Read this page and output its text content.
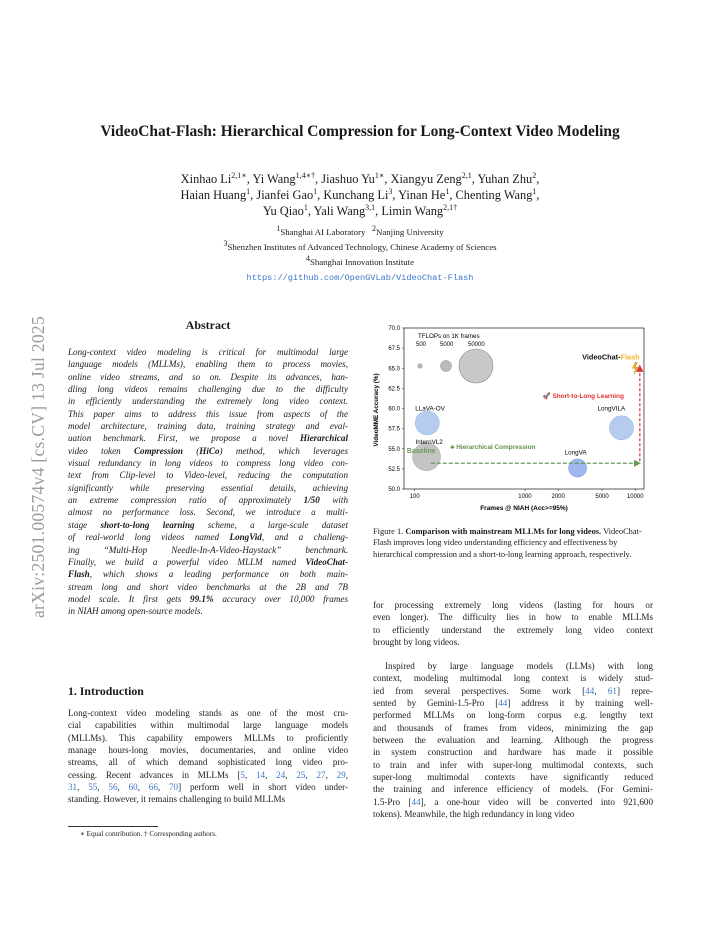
arXiv:2501.00574v4 [cs.CV] 13 Jul 2025
VideoChat-Flash: Hierarchical Compression for Long-Context Video Modeling
Xinhao $Li^{2,1∗}$, Yi Wang$^{1,4∗\dagger}$, Jiashuo $Yu^{1∗}$, Xiangyu Zeng$^{2,1}$, Yuhan Zhu$^2$,
Haian Huang$^1$, Jianfei Gao$^1$, Kunchang Li$^3$, Yinan He$^1$, Chenting Wang$^1$,
Yu Qiao$^1$, Yali Wang$^{3,1}$, Limin Wang$^{2,1\dagger}$
$^1$Shanghai AI Laboratory $^2$Nanjing University
$^3$Shenzhen Institutes of Advanced Technology, Chinese Academy of Sciences
$^4$Shanghai Innovation Institute
https://github.com/OpenGVLab/VideoChat-Flash
Abstract
Long-context video modeling is critical for multimodal large
language models (MLLMs), enabling them to process movies,
online video streams, and so on. Despite its advances, han-
dling long videos remains challenging due to the difficulty
in efficiently understanding the extremely long video context.
This paper aims to address this issue from aspects of the
model architecture, training data, training strategy and eval-
uation benchmark. First, we propose a novel Hierarchical
video token Compression (HiCo) method, which leverages
visual redundancy in long videos to compress long video con-
text from Clip-level to Video-level, reducing the computation
significantly while preserving essential details, achieving
an extreme compression ratio of approximately 1/50 with
almost no performance loss. Second, we introduce a multi-
stage short-to-long learning scheme, a large-scale dataset
of real-world long videos named LongVid, and a challeng-
ing “Multi-Hop Needle-In-A-Video-Haystack” benchmark.
Finally, we build a powerful video MLLM named VideoChat-
Flash, which shows a leading performance on both main-
stream long and short video benchmarks at the 2B and 7B
model scale. It first gets 99.1% accuracy over 10,000 frames
in NIAH among open-source models.
1. Introduction
Long-context video modeling stands as one of the most cru-
cial capabilities within multimodal large language models
(MLLMs). This capability empowers MLLMs to proficiently
manage hours-long movies, documentaries, and online video
streams, all of which demand sophisticated long video pro-
cessing. Recent advances in MLLMs [5, 14, 24, 25, 27, 29,
31, 55, 56, 60, 66, 70] perform well in short video under-
standing. However, it remains challenging to build MLLMs
∗ Equal contribution. † Corresponding authors.
50.0
52.5
55.0
57.5
60.0
62.5
65.0
67.5
70.0
100	1000	2000	5000	10000
VideoMME Accuracy (%)
Frames @ NIAH (Acc>=95%)
TFLOPs on 1K frames
500 5000 50000
LLaVA-OV
InternVL2
LongVA
LongVILA
Baseline
♣ Hierarchical Compression
🚀 Short-to-Long Learning
VideoChat-Flash
Figure 1. Comparison with mainstream MLLMs for long videos. VideoChat-Flash improves long video understanding efficiency and effectiveness by hierarchical compression and a short-to-long learning approach, respectively.
for processing extremely long videos (lasting for hours or
even longer). The difficulty lies in how to enable MLLMs
to efficiently understand the extremely long video context
brought by long videos.
Inspired by large language models (LLMs) with long
context, modeling multimodal long context is widely stud-
ied from several perspectives. Some work [44, 61] repre-
sented by Gemini-1.5-Pro [44] address it by training well-
performed MLLMs on long-form corpus e.g. lengthy text
and thousands of frames from videos, minimizing the gap
between the evaluation and learning. Although the progress
in system construction and hardware has made it possible
to train and infer with super-long multimodal contexts, such
super-long multimodal contexts have significantly reduced
the training and inference efficiency of models. (For Gemini-
1.5-Pro [44], a one-hour video will be converted into 921,600
tokens). Meanwhile, the high redundancy in long video
